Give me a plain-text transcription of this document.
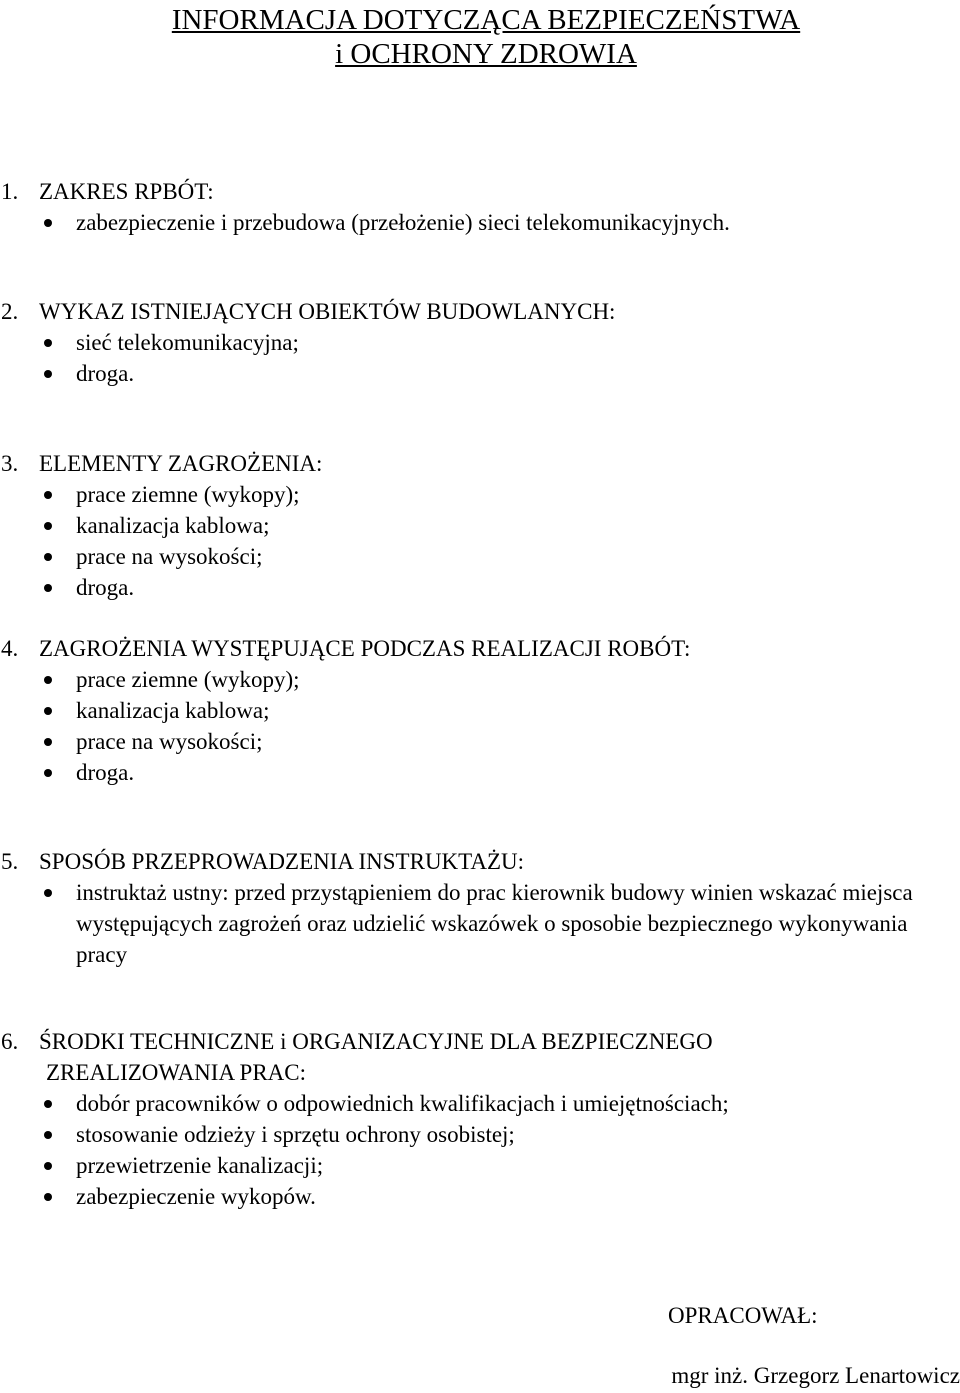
INFORMACJA DOTYCZĄCA BEZPIECZEŃSTWA
i OCHRONY ZDROWIA
1. ZAKRES RPBÓT:
zabezpieczenie i przebudowa (przełożenie) sieci telekomunikacyjnych.
2. WYKAZ ISTNIEJĄCYCH OBIEKTÓW BUDOWLANYCH:
sieć telekomunikacyjna;
droga.
3. ELEMENTY ZAGROŻENIA:
prace ziemne (wykopy);
kanalizacja kablowa;
prace na wysokości;
droga.
4. ZAGROŻENIA WYSTĘPUJĄCE PODCZAS REALIZACJI ROBÓT:
prace ziemne (wykopy);
kanalizacja kablowa;
prace na wysokości;
droga.
5. SPOSÓB PRZEPROWADZENIA INSTRUKTAŻU:
instruktaż ustny: przed przystąpieniem do prac kierownik budowy winien wskazać miejsca występujących zagrożeń oraz udzielić wskazówek o sposobie bezpiecznego wykonywania pracy
6. ŚRODKI TECHNICZNE i ORGANIZACYJNE DLA BEZPIECZNEGO
ZREALIZOWANIA PRAC:
dobór pracowników o odpowiednich kwalifikacjach i umiejętnościach;
stosowanie odzieży i sprzętu ochrony osobistej;
przewietrzenie kanalizacji;
zabezpieczenie wykopów.
OPRACOWAŁ:
mgr inż. Grzegorz Lenartowicz
